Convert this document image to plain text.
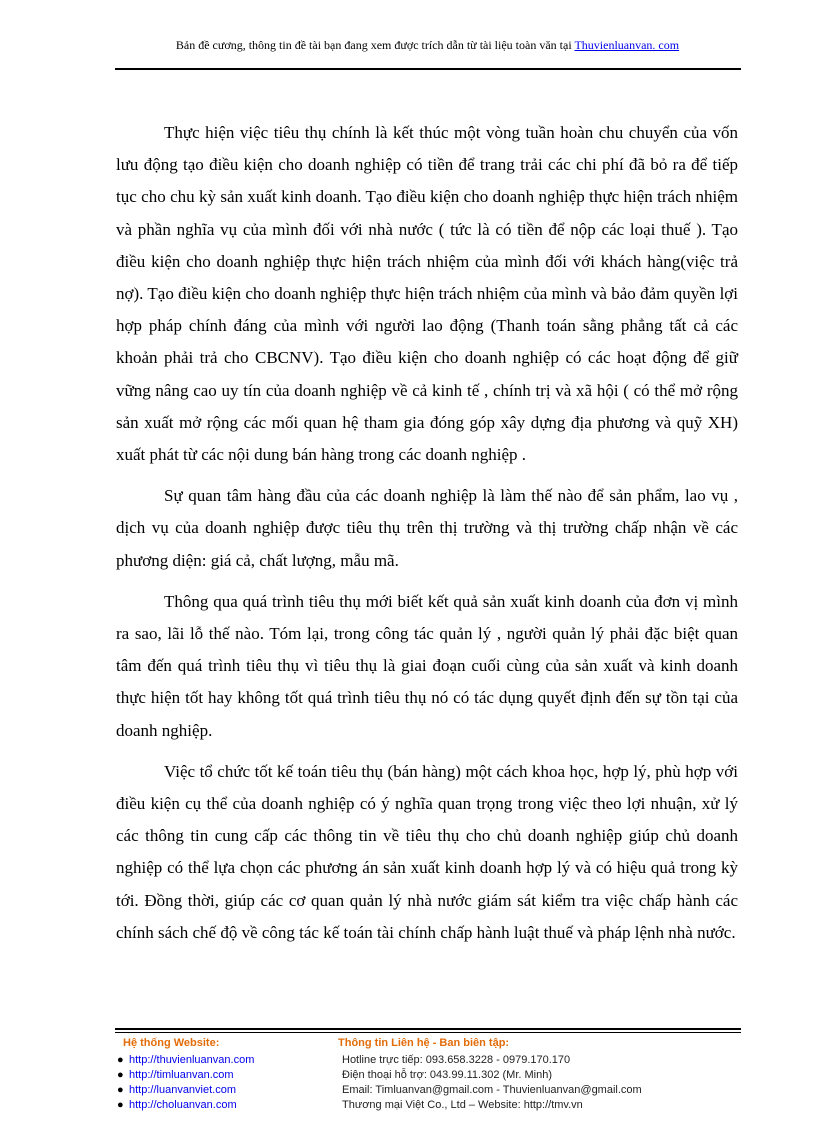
Bản đề cương, thông tin đề tài bạn đang xem được trích dẫn từ tài liệu toàn văn tại Thuvienluanvan. com

Thực hiện việc tiêu thụ chính là kết thúc một vòng tuần hoàn chu chuyển của vốn lưu động tạo điều kiện cho doanh nghiệp có tiền để trang trải các chi phí đã bỏ ra để tiếp tục cho chu kỳ sản xuất kinh doanh. Tạo điều kiện cho doanh nghiệp thực hiện trách nhiệm và phần nghĩa vụ của mình đối với nhà nước ( tức là có tiền để nộp các loại thuế ). Tạo điều kiện cho doanh nghiệp thực hiện trách nhiệm của mình đối với khách hàng(việc trả nợ). Tạo điều kiện cho doanh nghiệp thực hiện trách nhiệm của mình và bảo đảm quyền lợi hợp pháp chính đáng của mình với người lao động (Thanh toán sằng phẳng tất cả các khoản phải trả cho CBCNV). Tạo điều kiện cho doanh nghiệp có các hoạt động để giữ vững nâng cao uy tín của doanh nghiệp về cả kinh tế , chính trị và xã hội ( có thể mở rộng sản xuất mở rộng các mối quan hệ tham gia đóng góp xây dựng địa phương và quỹ XH) xuất phát từ các nội dung bán hàng trong các doanh nghiệp .

Sự quan tâm hàng đầu của các doanh nghiệp là làm thế nào để sản phẩm, lao vụ , dịch vụ của doanh nghiệp được tiêu thụ trên thị trường và thị trường chấp nhận về các phương diện: giá cả, chất lượng, mẫu mã.

Thông qua quá trình tiêu thụ mới biết kết quả sản xuất kinh doanh của đơn vị mình ra sao, lãi lỗ thế nào. Tóm lại, trong công tác quản lý , người quản lý phải đặc biệt quan tâm đến quá trình tiêu thụ vì tiêu thụ là giai đoạn cuối cùng của sản xuất và kinh doanh thực hiện tốt hay không tốt quá trình tiêu thụ nó có tác dụng quyết định đến sự tồn tại của doanh nghiệp.

Việc tổ chức tốt kế toán tiêu thụ (bán hàng) một cách khoa học, hợp lý, phù hợp với điều kiện cụ thể của doanh nghiệp có ý nghĩa quan trọng trong việc theo lợi nhuận, xử lý các thông tin cung cấp các thông tin về tiêu thụ cho chủ doanh nghiệp giúp chủ doanh nghiệp có thể lựa chọn các phương án sản xuất kinh doanh hợp lý và có hiệu quả trong kỳ tới. Đồng thời, giúp các cơ quan quản lý nhà nước giám sát kiểm tra việc chấp hành các chính sách chế độ về công tác kế toán tài chính chấp hành luật thuế và pháp lệnh nhà nước.

Hệ thống Website:
● http://thuvienluanvan.com
● http://timluanvan.com
● http://luanvanviet.com
● http://choluanvan.com
Thông tin Liên hệ - Ban biên tập:
Hotline trực tiếp: 093.658.3228 - 0979.170.170
Điện thoại hỗ trợ: 043.99.11.302 (Mr. Minh)
Email: Timluanvan@gmail.com - Thuvienluanvan@gmail.com
Thương mại Việt Co., Ltd – Website: http://tmv.vn
